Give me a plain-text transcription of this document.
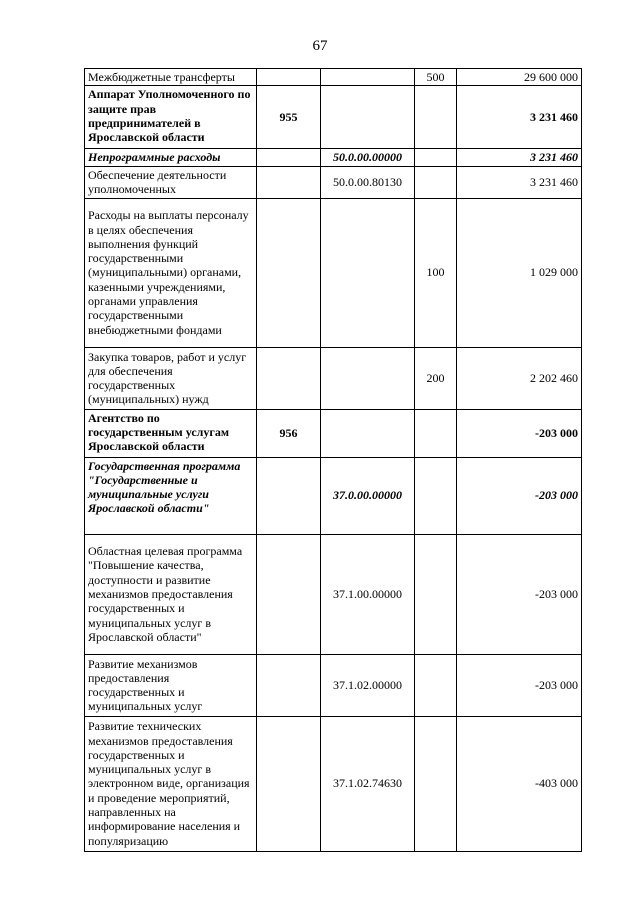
67
Межбюджетные трансферты			500	29 600 000
Аппарат Уполномоченного по защите прав предпринимателей в Ярославской области	955			3 231 460
Непрограммные расходы		50.0.00.00000		3 231 460
Обеспечение деятельности уполномоченных		50.0.00.80130		3 231 460
Расходы на выплаты персоналу в целях обеспечения выполнения функций государственными (муниципальными) органами, казенными учреждениями, органами управления государственными внебюджетными фондами			100	1 029 000
Закупка товаров, работ и услуг для обеспечения государственных (муниципальных) нужд			200	2 202 460
Агентство по государственным услугам Ярославской области	956			-203 000
Государственная программа "Государственные и муниципальные услуги Ярославской области"		37.0.00.00000		-203 000
Областная целевая программа "Повышение качества, доступности и развитие механизмов предоставления государственных и муниципальных услуг в Ярославской области"		37.1.00.00000		-203 000
Развитие механизмов предоставления государственных и муниципальных услуг		37.1.02.00000		-203 000
Развитие технических механизмов предоставления государственных и муниципальных услуг в электронном виде, организация и проведение мероприятий, направленных на информирование населения и популяризацию		37.1.02.74630		-403 000
